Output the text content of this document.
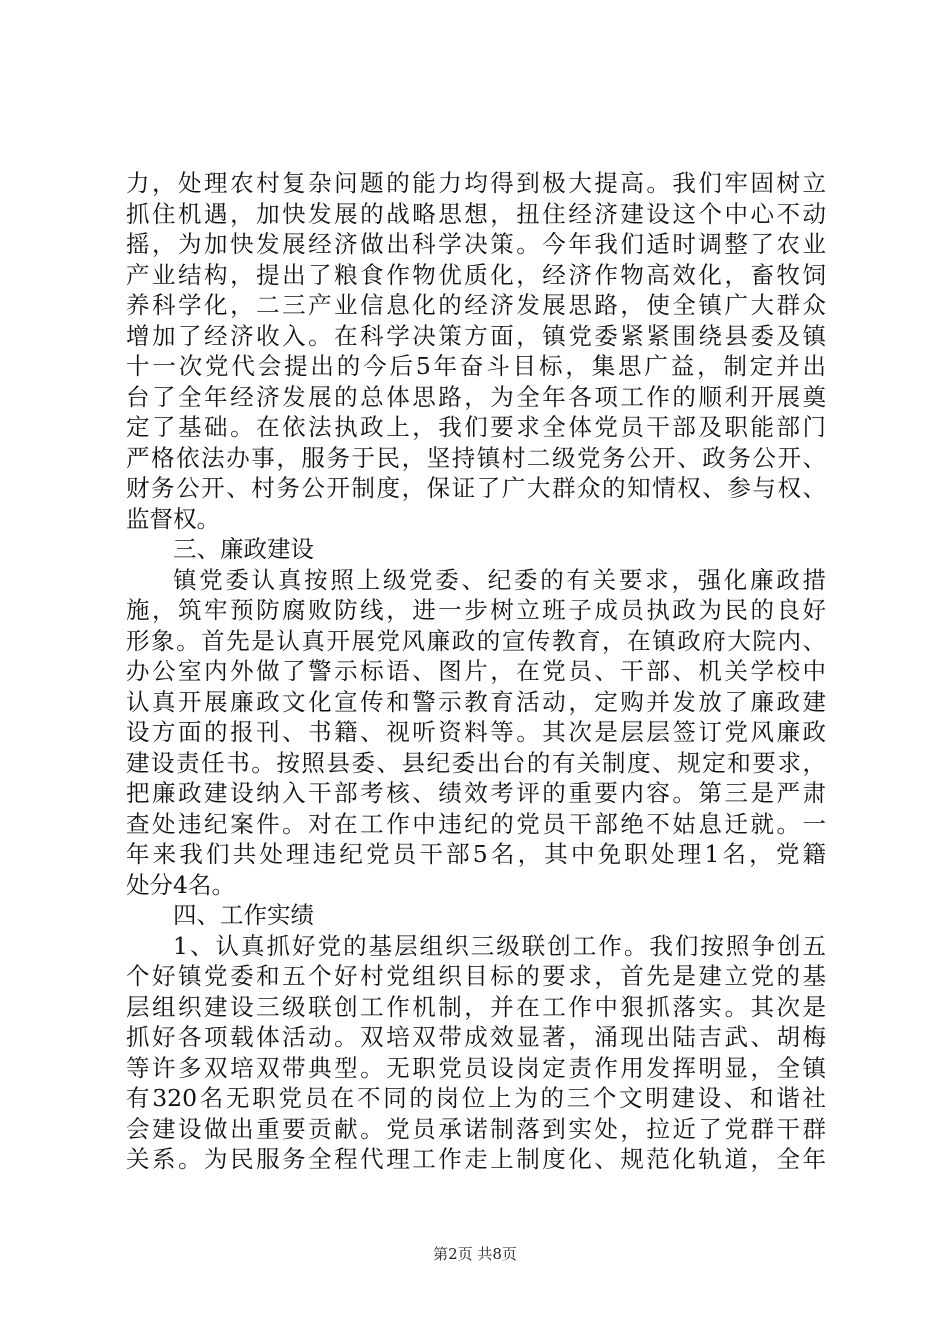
力，处理农村复杂问题的能力均得到极大提高。我们牢固树立
抓住机遇，加快发展的战略思想，扭住经济建设这个中心不动
摇，为加快发展经济做出科学决策。今年我们适时调整了农业
产业结构，提出了粮食作物优质化，经济作物高效化，畜牧饲
养科学化，二三产业信息化的经济发展思路，使全镇广大群众
增加了经济收入。在科学决策方面，镇党委紧紧围绕县委及镇
十一次党代会提出的今后5年奋斗目标，集思广益，制定并出
台了全年经济发展的总体思路，为全年各项工作的顺利开展奠
定了基础。在依法执政上，我们要求全体党员干部及职能部门
严格依法办事，服务于民，坚持镇村二级党务公开、政务公开、
财务公开、村务公开制度，保证了广大群众的知情权、参与权、
监督权。
三、廉政建设
镇党委认真按照上级党委、纪委的有关要求，强化廉政措
施，筑牢预防腐败防线，进一步树立班子成员执政为民的良好
形象。首先是认真开展党风廉政的宣传教育，在镇政府大院内、
办公室内外做了警示标语、图片，在党员、干部、机关学校中
认真开展廉政文化宣传和警示教育活动，定购并发放了廉政建
设方面的报刊、书籍、视听资料等。其次是层层签订党风廉政
建设责任书。按照县委、县纪委出台的有关制度、规定和要求，
把廉政建设纳入干部考核、绩效考评的重要内容。第三是严肃
查处违纪案件。对在工作中违纪的党员干部绝不姑息迁就。一
年来我们共处理违纪党员干部5名，其中免职处理1名，党籍
处分4名。
四、工作实绩
1、认真抓好党的基层组织三级联创工作。我们按照争创五
个好镇党委和五个好村党组织目标的要求，首先是建立党的基
层组织建设三级联创工作机制，并在工作中狠抓落实。其次是
抓好各项载体活动。双培双带成效显著，涌现出陆吉武、胡梅
等许多双培双带典型。无职党员设岗定责作用发挥明显，全镇
有320名无职党员在不同的岗位上为的三个文明建设、和谐社
会建设做出重要贡献。党员承诺制落到实处，拉近了党群干群
关系。为民服务全程代理工作走上制度化、规范化轨道，全年
第2页 共8页
